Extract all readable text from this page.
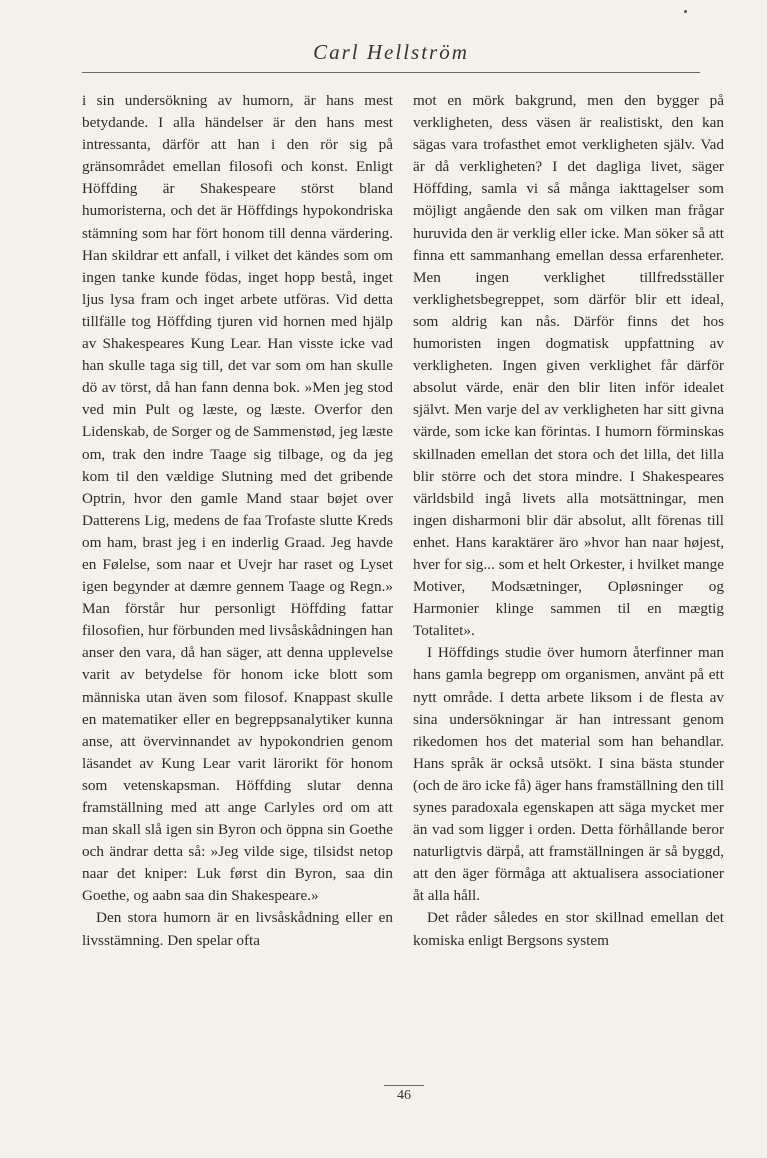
Carl Hellström

i sin undersökning av humorn, är hans mest betydande. I alla händelser är den hans mest intressanta, därför att han i den rör sig på gränsområdet emellan filosofi och konst. Enligt Höffding är Shakespeare störst bland humoristerna, och det är Höffdings hypokondriska stämning som har fört honom till denna värdering. Han skildrar ett anfall, i vilket det kändes som om ingen tanke kunde födas, inget hopp bestå, inget ljus lysa fram och inget arbete utföras. Vid detta tillfälle tog Höffding tjuren vid hornen med hjälp av Shakespeares Kung Lear. Han visste icke vad han skulle taga sig till, det var som om han skulle dö av törst, då han fann denna bok. »Men jeg stod ved min Pult og læste, og læste. Overfor den Lidenskab, de Sorger og de Sammenstød, jeg læste om, trak den indre Taage sig tilbage, og da jeg kom til den vældige Slutning med det gribende Optrin, hvor den gamle Mand staar bøjet over Datterens Lig, medens de faa Trofaste slutte Kreds om ham, brast jeg i en inderlig Graad. Jeg havde en Følelse, som naar et Uvejr har raset og Lyset igen begynder at dæmre gennem Taage og Regn.» Man förstår hur personligt Höffding fattar filosofien, hur förbunden med livsåskådningen han anser den vara, då han säger, att denna upplevelse varit av betydelse för honom icke blott som människa utan även som filosof. Knappast skulle en matematiker eller en begreppsanalytiker kunna anse, att övervinnandet av hypokondrien genom läsandet av Kung Lear varit lärorikt för honom som vetenskapsman. Höffding slutar denna framställning med att ange Carlyles ord om att man skall slå igen sin Byron och öppna sin Goethe och ändrar detta så: »Jeg vilde sige, tilsidst netop naar det kniper: Luk først din Byron, saa din Goethe, og aabn saa din Shakespeare.»

Den stora humorn är en livsåskådning eller en livsstämning. Den spelar ofta

mot en mörk bakgrund, men den bygger på verkligheten, dess väsen är realistiskt, den kan sägas vara trofasthet emot verkligheten själv. Vad är då verkligheten? I det dagliga livet, säger Höffding, samla vi så många iakttagelser som möjligt angående den sak om vilken man frågar huruvida den är verklig eller icke. Man söker så att finna ett sammanhang emellan dessa erfarenheter. Men ingen verklighet tillfredsställer verklighetsbegreppet, som därför blir ett ideal, som aldrig kan nås. Därför finns det hos humoristen ingen dogmatisk uppfattning av verkligheten. Ingen given verklighet får därför absolut värde, enär den blir liten inför idealet självt. Men varje del av verkligheten har sitt givna värde, som icke kan förintas. I humorn förminskas skillnaden emellan det stora och det lilla, det lilla blir större och det stora mindre. I Shakespeares världsbild ingå livets alla motsättningar, men ingen disharmoni blir där absolut, allt förenas till enhet. Hans karaktärer äro »hvor han naar højest, hver for sig... som et helt Orkester, i hvilket mange Motiver, Modsætninger, Opløsninger og Harmonier klinge sammen til en mægtig Totalitet».

I Höffdings studie över humorn återfinner man hans gamla begrepp om organismen, använt på ett nytt område. I detta arbete liksom i de flesta av sina undersökningar är han intressant genom rikedomen hos det material som han behandlar. Hans språk är också utsökt. I sina bästa stunder (och de äro icke få) äger hans framställning den till synes paradoxala egenskapen att säga mycket mer än vad som ligger i orden. Detta förhållande beror naturligtvis därpå, att framställningen är så byggd, att den äger förmåga att aktualisera associationer åt alla håll.

Det råder således en stor skillnad emellan det komiska enligt Bergsons system

46
